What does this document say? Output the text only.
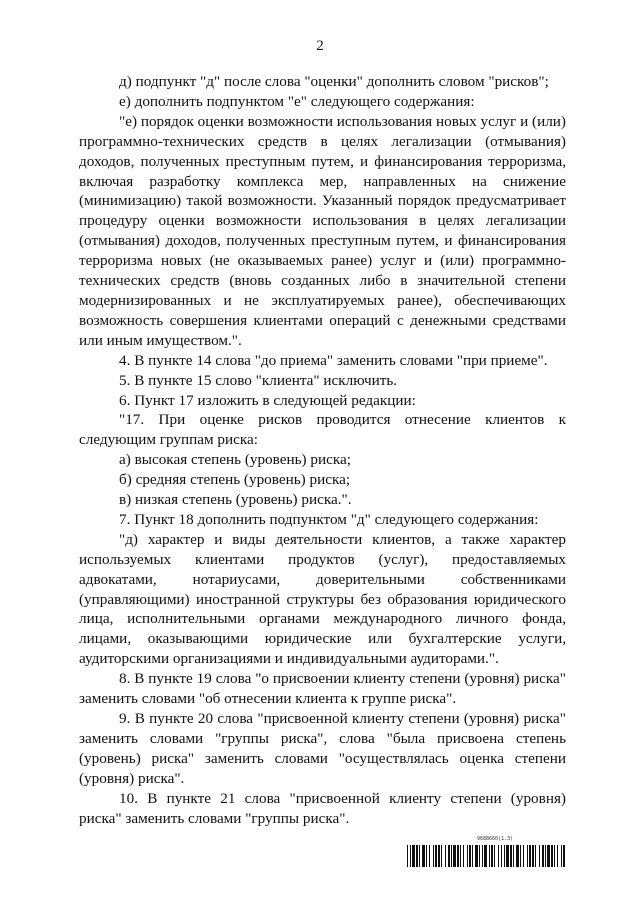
2

д) подпункт "д" после слова "оценки" дополнить словом "рисков";

е) дополнить подпунктом "е" следующего содержания:

"е) порядок оценки возможности использования новых услуг и (или) программно-технических средств в целях легализации (отмывания) доходов, полученных преступным путем, и финансирования терроризма, включая разработку комплекса мер, направленных на снижение (минимизацию) такой возможности. Указанный порядок предусматривает процедуру оценки возможности использования в целях легализации (отмывания) доходов, полученных преступным путем, и финансирования терроризма новых (не оказываемых ранее) услуг и (или) программно-технических средств (вновь созданных либо в значительной степени модернизированных и не эксплуатируемых ранее), обеспечивающих возможность совершения клиентами операций с денежными средствами или иным имуществом.".

4. В пункте 14 слова "до приема" заменить словами "при приеме".

5. В пункте 15 слово "клиента" исключить.

6. Пункт 17 изложить в следующей редакции:

"17. При оценке рисков проводится отнесение клиентов к следующим группам риска:

а) высокая степень (уровень) риска;

б) средняя степень (уровень) риска;

в) низкая степень (уровень) риска.".

7. Пункт 18 дополнить подпунктом "д" следующего содержания:

"д) характер и виды деятельности клиентов, а также характер используемых клиентами продуктов (услуг), предоставляемых адвокатами, нотариусами, доверительными собственниками (управляющими) иностранной структуры без образования юридического лица, исполнительными органами международного личного фонда, лицами, оказывающими юридические или бухгалтерские услуги, аудиторскими организациями и индивидуальными аудиторами.".

8. В пункте 19 слова "о присвоении клиенту степени (уровня) риска" заменить словами "об отнесении клиента к группе риска".

9. В пункте 20 слова "присвоенной клиенту степени (уровня) риска" заменить словами "группы риска", слова "была присвоена степень (уровень) риска" заменить словами "осуществлялась оценка степени (уровня) риска".

10. В пункте 21 слова "присвоенной клиенту степени (уровня) риска" заменить словами "группы риска".

9688660(1.3)
